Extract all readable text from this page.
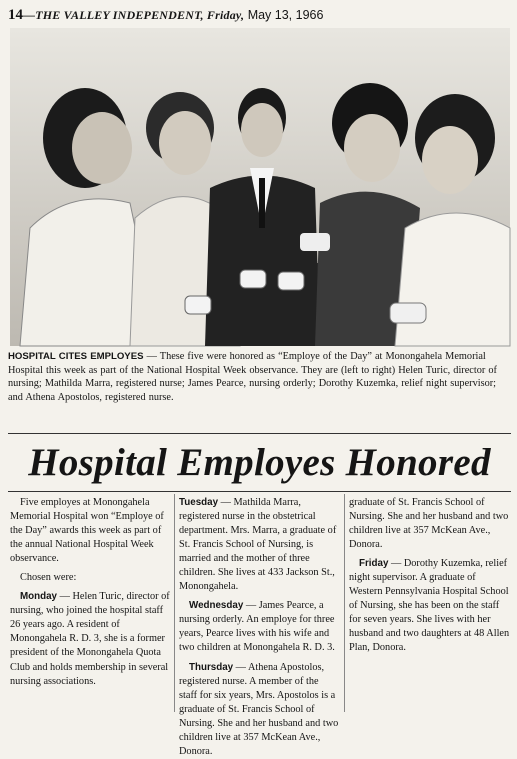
14—THE VALLEY INDEPENDENT, Friday, May 13, 1966
HOSPITAL CITES EMPLOYES — These five were honored as “Employe of the Day” at Monongahela Memorial Hospital this week as part of the National Hospital Week observance. They are (left to right) Helen Turic, director of nursing; Mathilda Marra, registered nurse; James Pearce, nursing orderly; Dorothy Kuzemka, relief night supervisor; and Athena Apostolos, registered nurse.
Hospital Employes Honored

Five employes at Monongahela Memorial Hospital won “Employe of the Day” awards this week as part of the annual National Hospital Week observance.

Chosen were:

Monday — Helen Turic, director of nursing, who joined the hospital staff 26 years ago. A resident of Monongahela R. D. 3, she is a former president of the Monongahela Quota Club and holds membership in several nursing associations.

Tuesday — Mathilda Marra, registered nurse in the obstetrical department. Mrs. Marra, a graduate of St. Francis School of Nursing, is married and the mother of three children. She lives at 433 Jackson St., Monongahela.

Wednesday — James Pearce, a nursing orderly. An employe for three years, Pearce lives with his wife and two children at Monongahela R. D. 3.

Thursday — Athena Apostolos, registered nurse. A member of the staff for six years, Mrs. Apostolos is a graduate of St. Francis School of Nursing. She and her husband and two children live at 357 McKean Ave., Donora.

graduate of St. Francis School of Nursing. She and her husband and two children live at 357 McKean Ave., Donora.

Friday — Dorothy Kuzemka, relief night supervisor. A graduate of Western Pennsylvania Hospital School of Nursing, she has been on the staff for seven years. She lives with her husband and two daughters at 48 Allen Plan, Donora.
